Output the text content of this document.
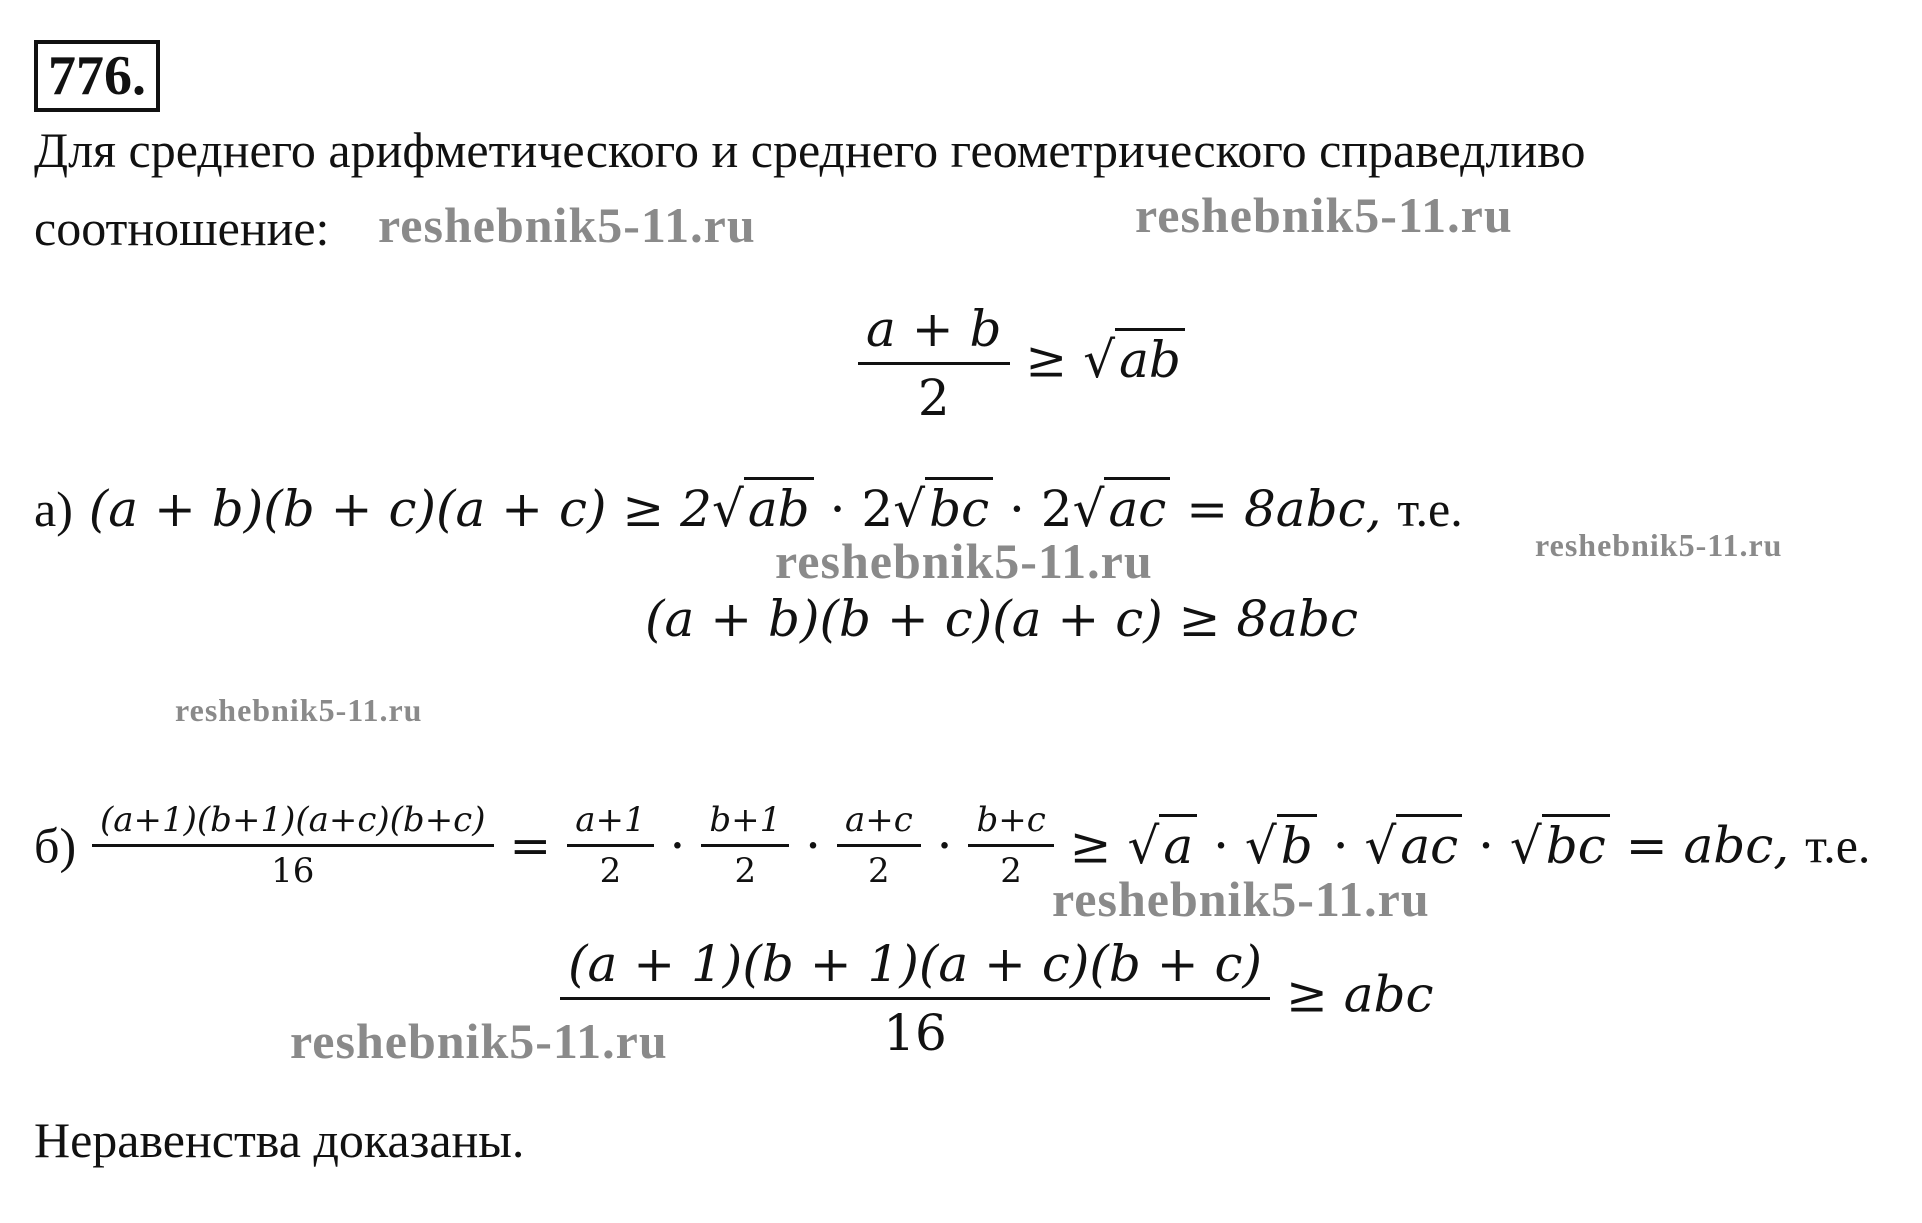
776.
Для среднего арифметического и среднего геометрического справедливо
соотношение:
$\frac{a + b}{2} \ge √ab$
а) (a + b)(b + c)(a + c) ≥ 2√ab · 2√bc · 2√ac = 8abc, т.е.
(a + b)(b + c)(a + c) ≥ 8abc
$б) \frac{(a+1)(b+1)(a+c)(b+c)}{16} = \frac{a+1}{2} \cdot \frac{b+1}{2} \cdot \frac{a+c}{2} \cdot \frac{b+c}{2} \ge √a \cdot √b \cdot √ac \cdot √bc$ = abc, т.е.
$\frac{(a + 1)(b + 1)(a + c)(b + c)}{16}$ ≥ abc
Неравенства доказаны.
reshebnik5-11.ru	reshebnik5-11.ru
reshebnik5-11.ru	reshebnik5-11.ru
reshebnik5-11.ru
reshebnik5-11.ru
reshebnik5-11.ru
